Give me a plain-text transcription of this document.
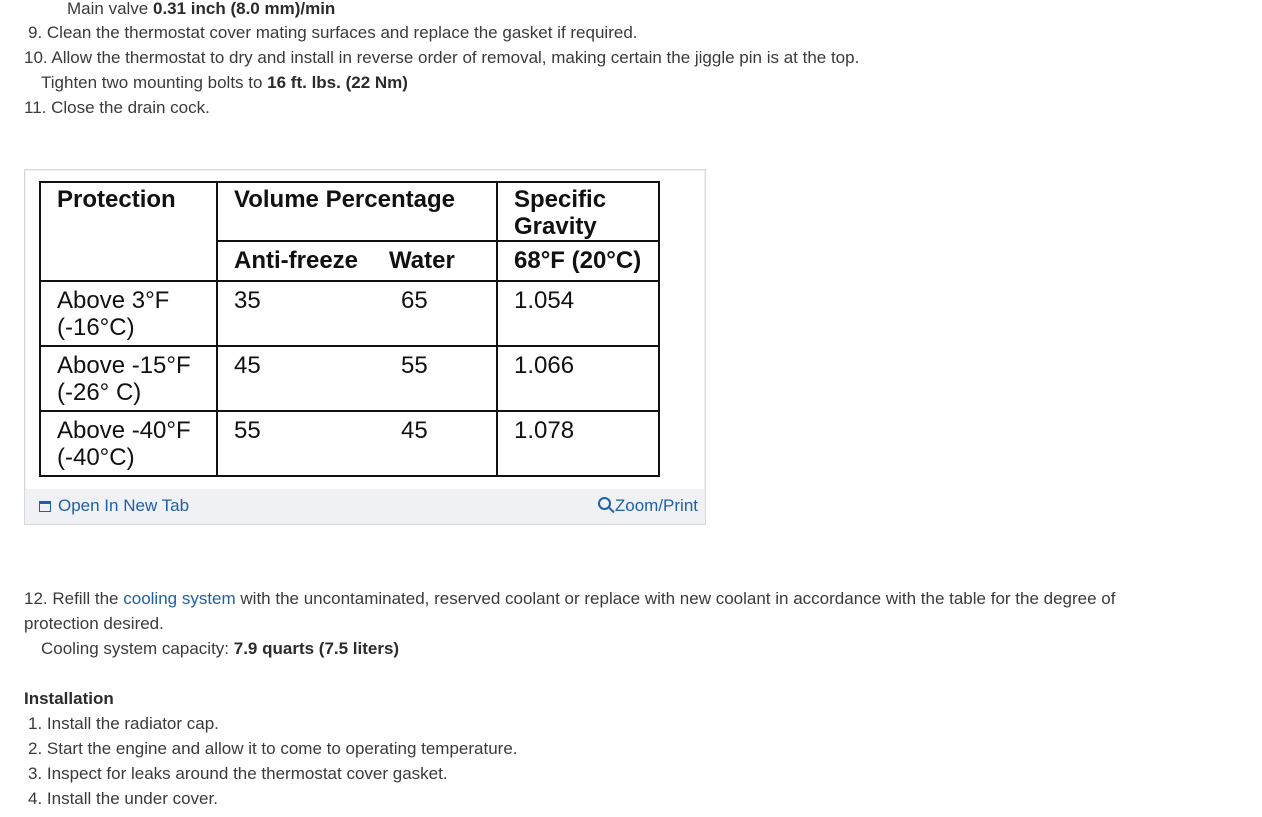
Main valve 0.31 inch (8.0 mm)/min
9. Clean the thermostat cover mating surfaces and replace the gasket if required.
10. Allow the thermostat to dry and install in reverse order of removal, making certain the jiggle pin is at the top.
Tighten two mounting bolts to 16 ft. lbs. (22 Nm)
11. Close the drain cock.
Protection	Volume Percentage		Specific Gravity
	Anti-freeze	Water	68°F (20°C)
Above 3°F (-16°C)	35	65	1.054
Above -15°F (-26° C)	45	55	1.066
Above -40°F (-40°C)	55	45	1.078
Open In New Tab	Zoom/Print
12. Refill the cooling system with the uncontaminated, reserved coolant or replace with new coolant in accordance with the table for the degree of
protection desired.
Cooling system capacity: 7.9 quarts (7.5 liters)
Installation
1. Install the radiator cap.
2. Start the engine and allow it to come to operating temperature.
3. Inspect for leaks around the thermostat cover gasket.
4. Install the under cover.
